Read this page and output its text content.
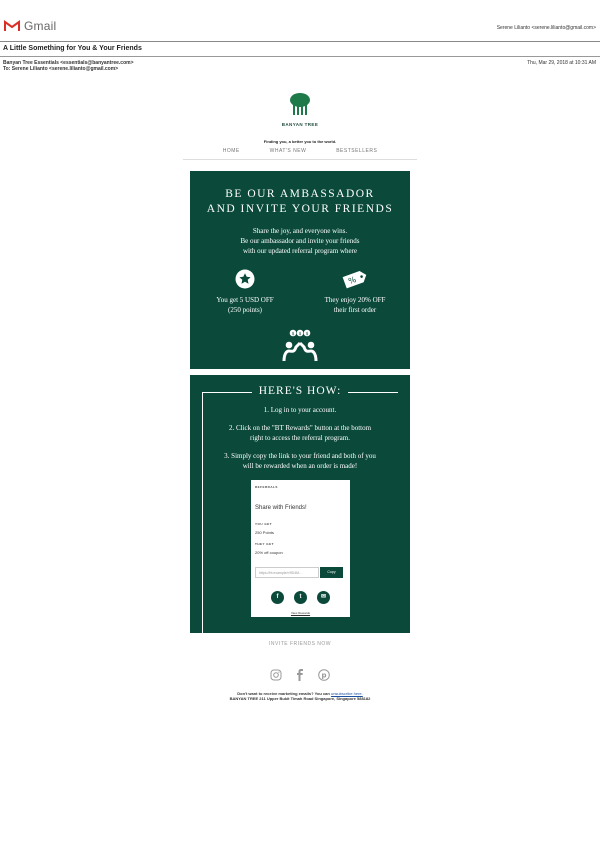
Gmail	Serene Lilianto <serene.lilianto@gmail.com>
A Little Something for You & Your Friends
Banyan Tree Essentials <essentials@banyantree.com>
To: Serene Lilianto <serene.lilianto@gmail.com>
Thu, Mar 29, 2018 at 10:31 AM
BANYAN TREE
Finding you, a better you to the world.
HOME	WHAT'S NEW	BESTSELLERS
BE OUR AMBASSADOR
AND INVITE YOUR FRIENDS
Share the joy, and everyone wins.
Be our ambassador and invite your friends
with our updated referral program where
You get 5 USD OFF
(250 points)
%
They enjoy 20% OFF
their first order
$ $ $
HERE'S HOW:

1. Log in to your account.

2. Click on the "BT Rewards" button at the bottom
right to access the referral program.

3. Simply copy the link to your friend and both of you
will be rewarded when an order is made!

REFERRALS
Share with Friends!
YOU GET
250 Points
THEY GET
20% off coupon
https://bt.example/r/9D4M…	Copy
f	t	✉
View Rewards
INVITE FRIENDS NOW
p
Don't want to receive marketing emails? You can unsubscribe here.
BANYAN TREE 211 Upper Bukit Timah Road Singapore, Singapore 588182
